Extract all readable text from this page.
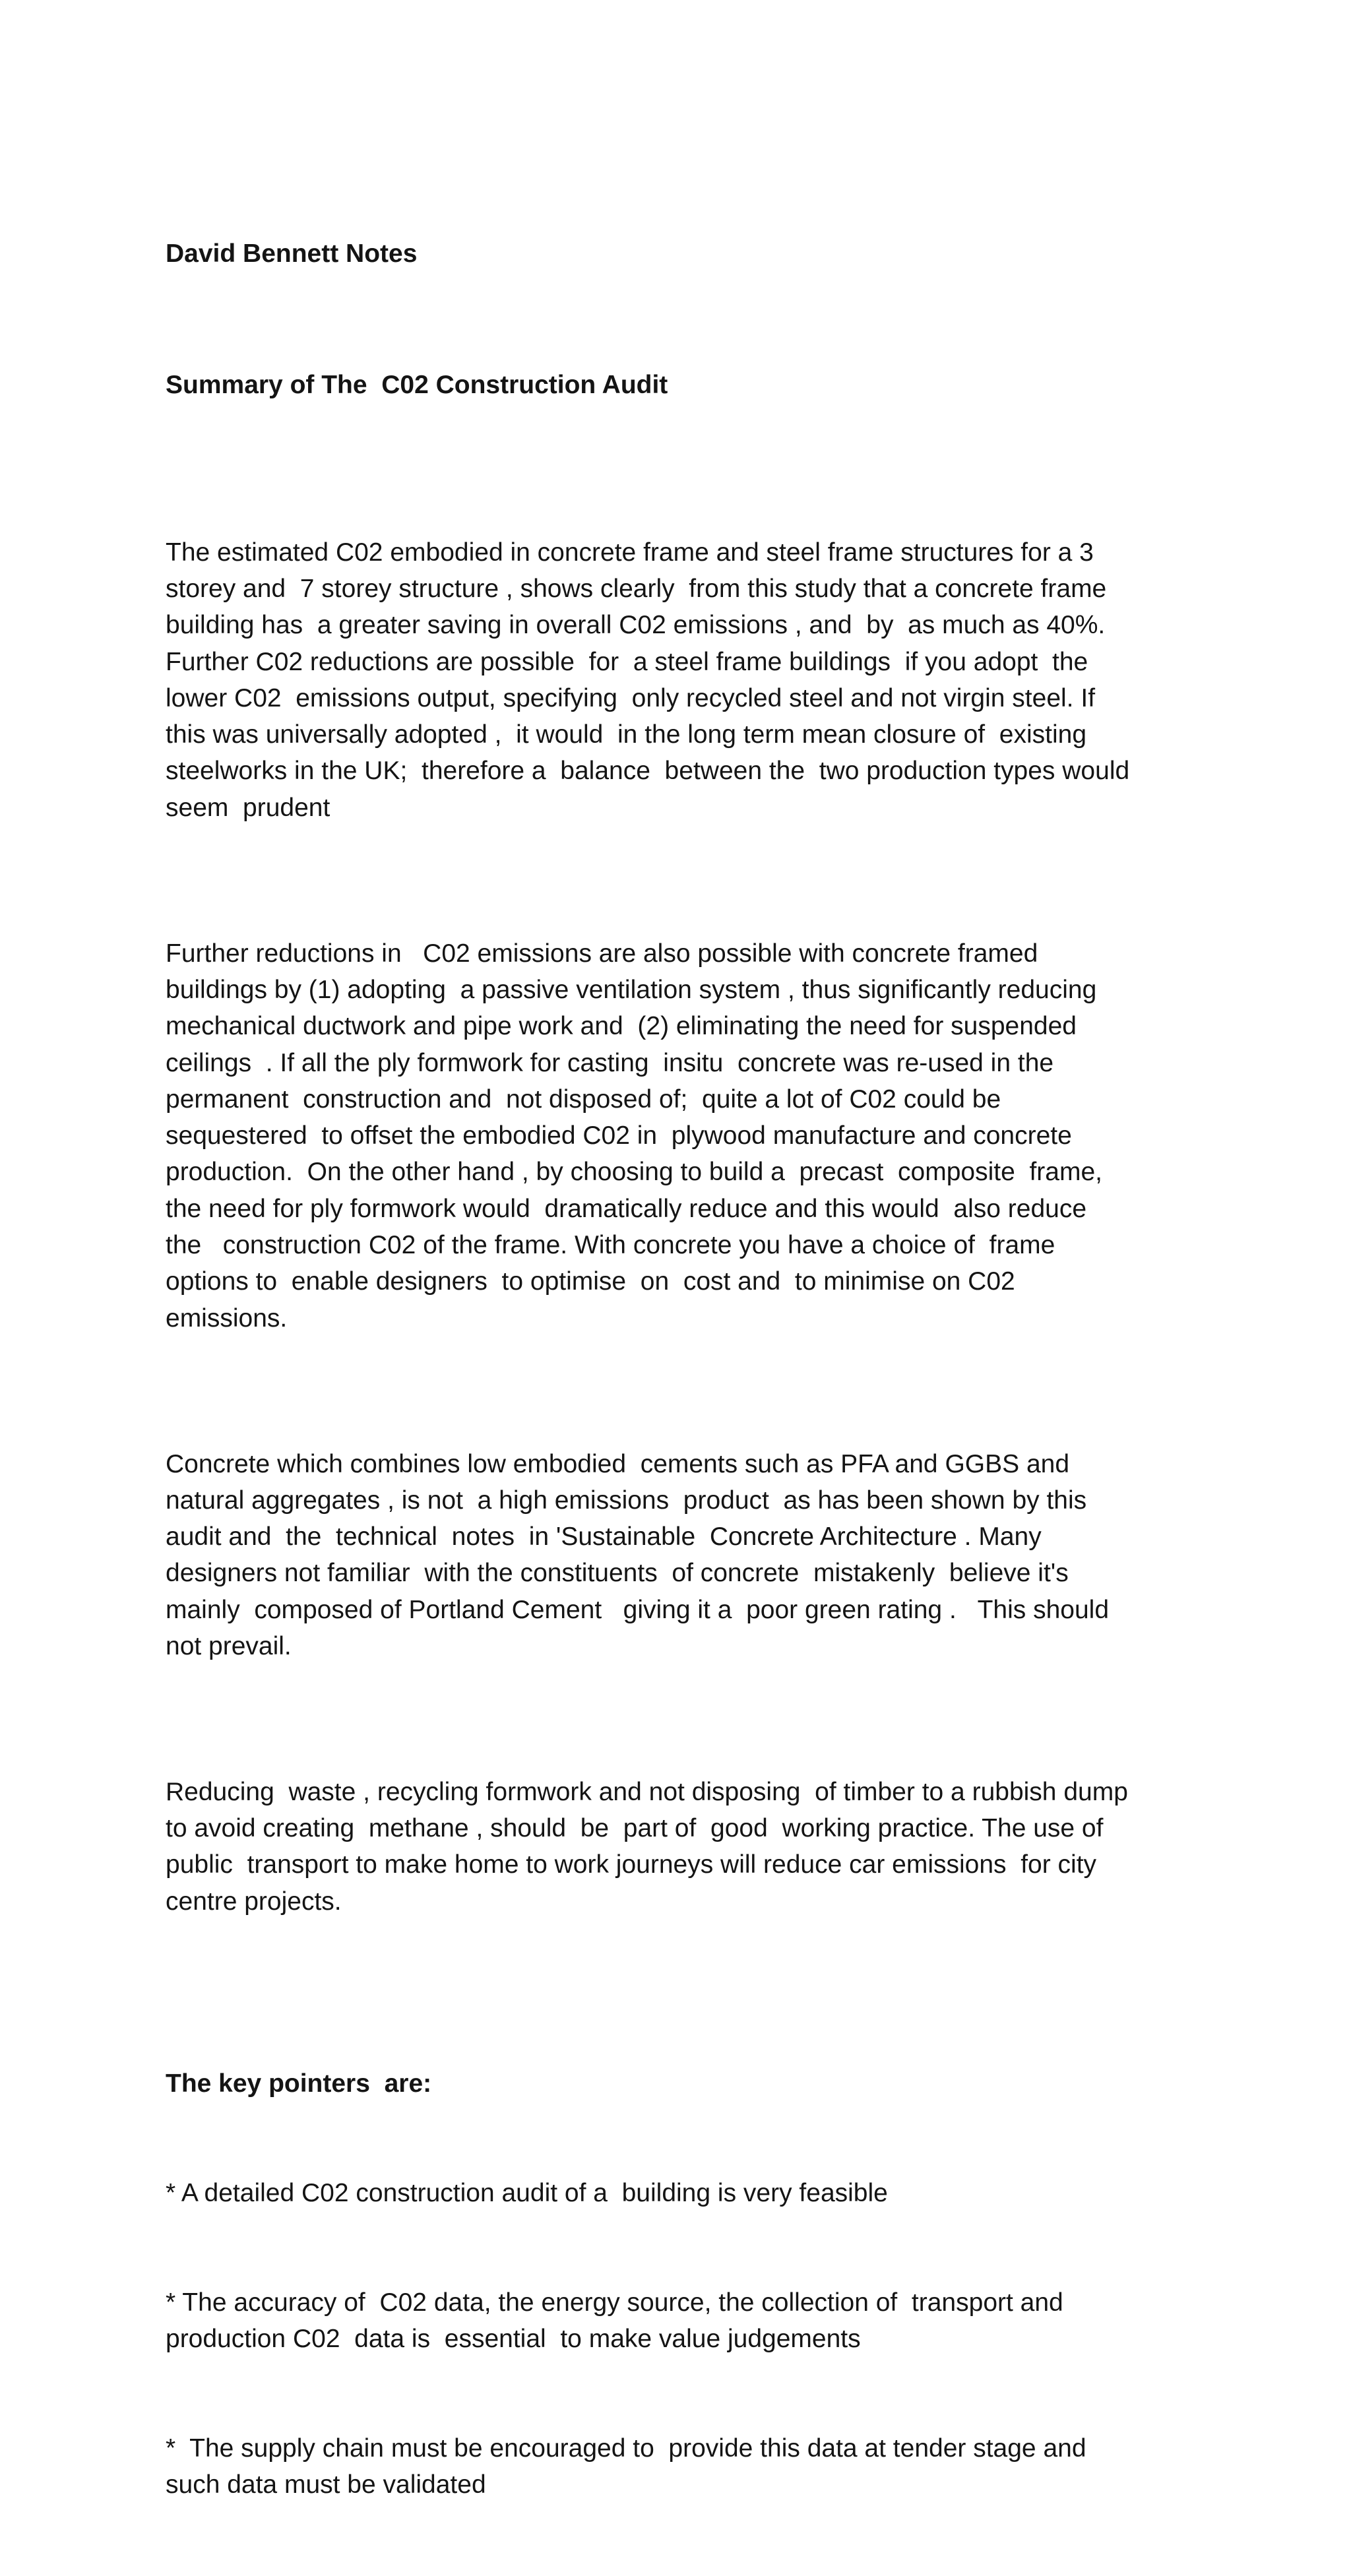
David Bennett Notes

Summary of The  C02 Construction Audit

The estimated C02 embodied in concrete frame and steel frame structures for a 3
storey and  7 storey structure , shows clearly  from this study that a concrete frame
building has  a greater saving in overall C02 emissions , and  by  as much as 40%.
Further C02 reductions are possible  for  a steel frame buildings  if you adopt  the
lower C02  emissions output, specifying  only recycled steel and not virgin steel. If
this was universally adopted ,  it would  in the long term mean closure of  existing
steelworks in the UK;  therefore a  balance  between the  two production types would
seem  prudent

Further reductions in   C02 emissions are also possible with concrete framed
buildings by (1) adopting  a passive ventilation system , thus significantly reducing
mechanical ductwork and pipe work and  (2) eliminating the need for suspended
ceilings  . If all the ply formwork for casting  insitu  concrete was re-used in the
permanent  construction and  not disposed of;  quite a lot of C02 could be
sequestered  to offset the embodied C02 in  plywood manufacture and concrete
production.  On the other hand , by choosing to build a  precast  composite  frame,
the need for ply formwork would  dramatically reduce and this would  also reduce
the   construction C02 of the frame. With concrete you have a choice of  frame
options to  enable designers  to optimise  on  cost and  to minimise on C02
emissions.

Concrete which combines low embodied  cements such as PFA and GGBS and
natural aggregates , is not  a high emissions  product  as has been shown by this
audit and  the  technical  notes  in 'Sustainable  Concrete Architecture . Many
designers not familiar  with the constituents  of concrete  mistakenly  believe it's
mainly  composed of Portland Cement   giving it a  poor green rating .   This should
not prevail.

Reducing  waste , recycling formwork and not disposing  of timber to a rubbish dump
to avoid creating  methane , should  be  part of  good  working practice. The use of
public  transport to make home to work journeys will reduce car emissions  for city
centre projects.

The key pointers  are:

* A detailed C02 construction audit of a  building is very feasible

* The accuracy of  C02 data, the energy source, the collection of  transport and
production C02  data is  essential  to make value judgements

*  The supply chain must be encouraged to  provide this data at tender stage and
such data must be validated
